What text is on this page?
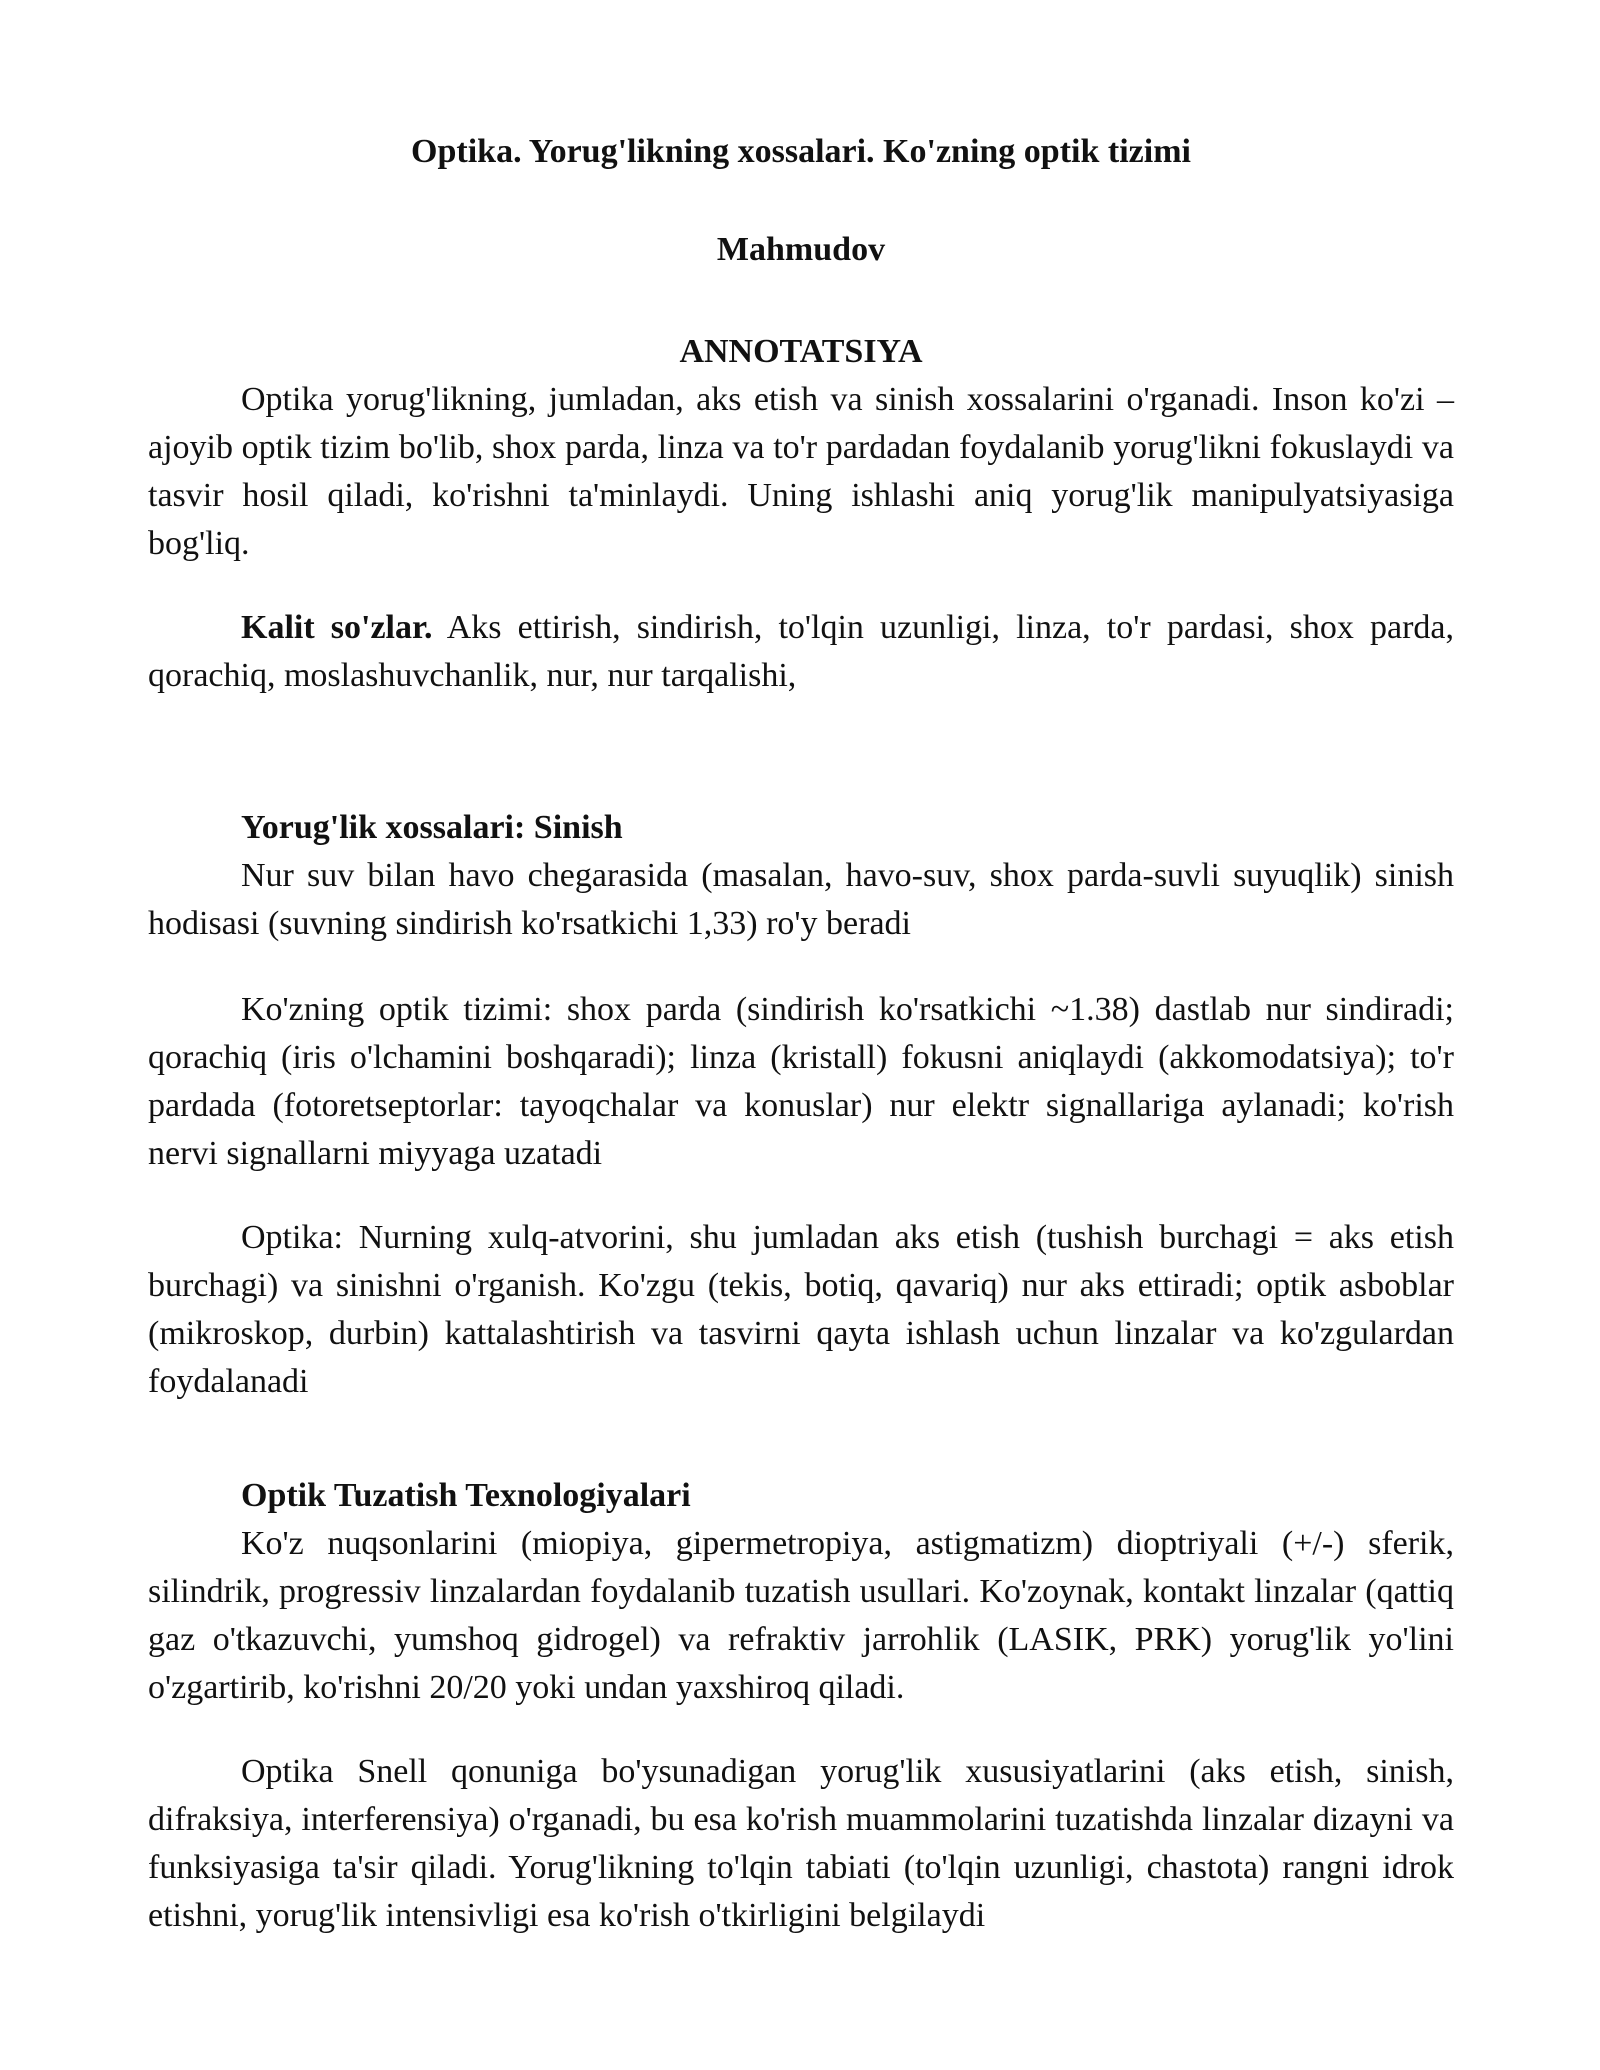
Optika. Yorug'likning xossalari. Ko'zning optik tizimi

Mahmudov

ANNOTATSIYA

Optika yorug'likning, jumladan, aks etish va sinish xossalarini o'rganadi. Inson ko'zi – ajoyib optik tizim bo'lib, shox parda, linza va to'r pardadan foydalanib yorug'likni fokuslaydi va tasvir hosil qiladi, ko'rishni ta'minlaydi. Uning ishlashi aniq yorug'lik manipulyatsiyasiga bog'liq.

Kalit so'zlar. Aks ettirish, sindirish, to'lqin uzunligi, linza, to'r pardasi, shox parda, qorachiq, moslashuvchanlik, nur, nur tarqalishi,

Yorug'lik xossalari: Sinish

Nur suv bilan havo chegarasida (masalan, havo-suv, shox parda-suvli suyuqlik) sinish hodisasi (suvning sindirish ko'rsatkichi 1,33) ro'y beradi

Ko'zning optik tizimi: shox parda (sindirish ko'rsatkichi ~1.38) dastlab nur sindiradi; qorachiq (iris o'lchamini boshqaradi); linza (kristall) fokusni aniqlaydi (akkomodatsiya); to'r pardada (fotoretseptorlar: tayoqchalar va konuslar) nur elektr signallariga aylanadi; ko'rish nervi signallarni miyyaga uzatadi

Optika: Nurning xulq-atvorini, shu jumladan aks etish (tushish burchagi = aks etish burchagi) va sinishni o'rganish. Ko'zgu (tekis, botiq, qavariq) nur aks ettiradi; optik asboblar (mikroskop, durbin) kattalashtirish va tasvirni qayta ishlash uchun linzalar va ko'zgulardan foydalanadi

Optik Tuzatish Texnologiyalari

Ko'z nuqsonlarini (miopiya, gipermetropiya, astigmatizm) dioptriyali (+/-) sferik, silindrik, progressiv linzalardan foydalanib tuzatish usullari. Ko'zoynak, kontakt linzalar (qattiq gaz o'tkazuvchi, yumshoq gidrogel) va refraktiv jarrohlik (LASIK, PRK) yorug'lik yo'lini o'zgartirib, ko'rishni 20/20 yoki undan yaxshiroq qiladi.

Optika Snell qonuniga bo'ysunadigan yorug'lik xususiyatlarini (aks etish, sinish, difraksiya, interferensiya) o'rganadi, bu esa ko'rish muammolarini tuzatishda linzalar dizayni va funksiyasiga ta'sir qiladi. Yorug'likning to'lqin tabiati (to'lqin uzunligi, chastota) rangni idrok etishni, yorug'lik intensivligi esa ko'rish o'tkirligini belgilaydi
